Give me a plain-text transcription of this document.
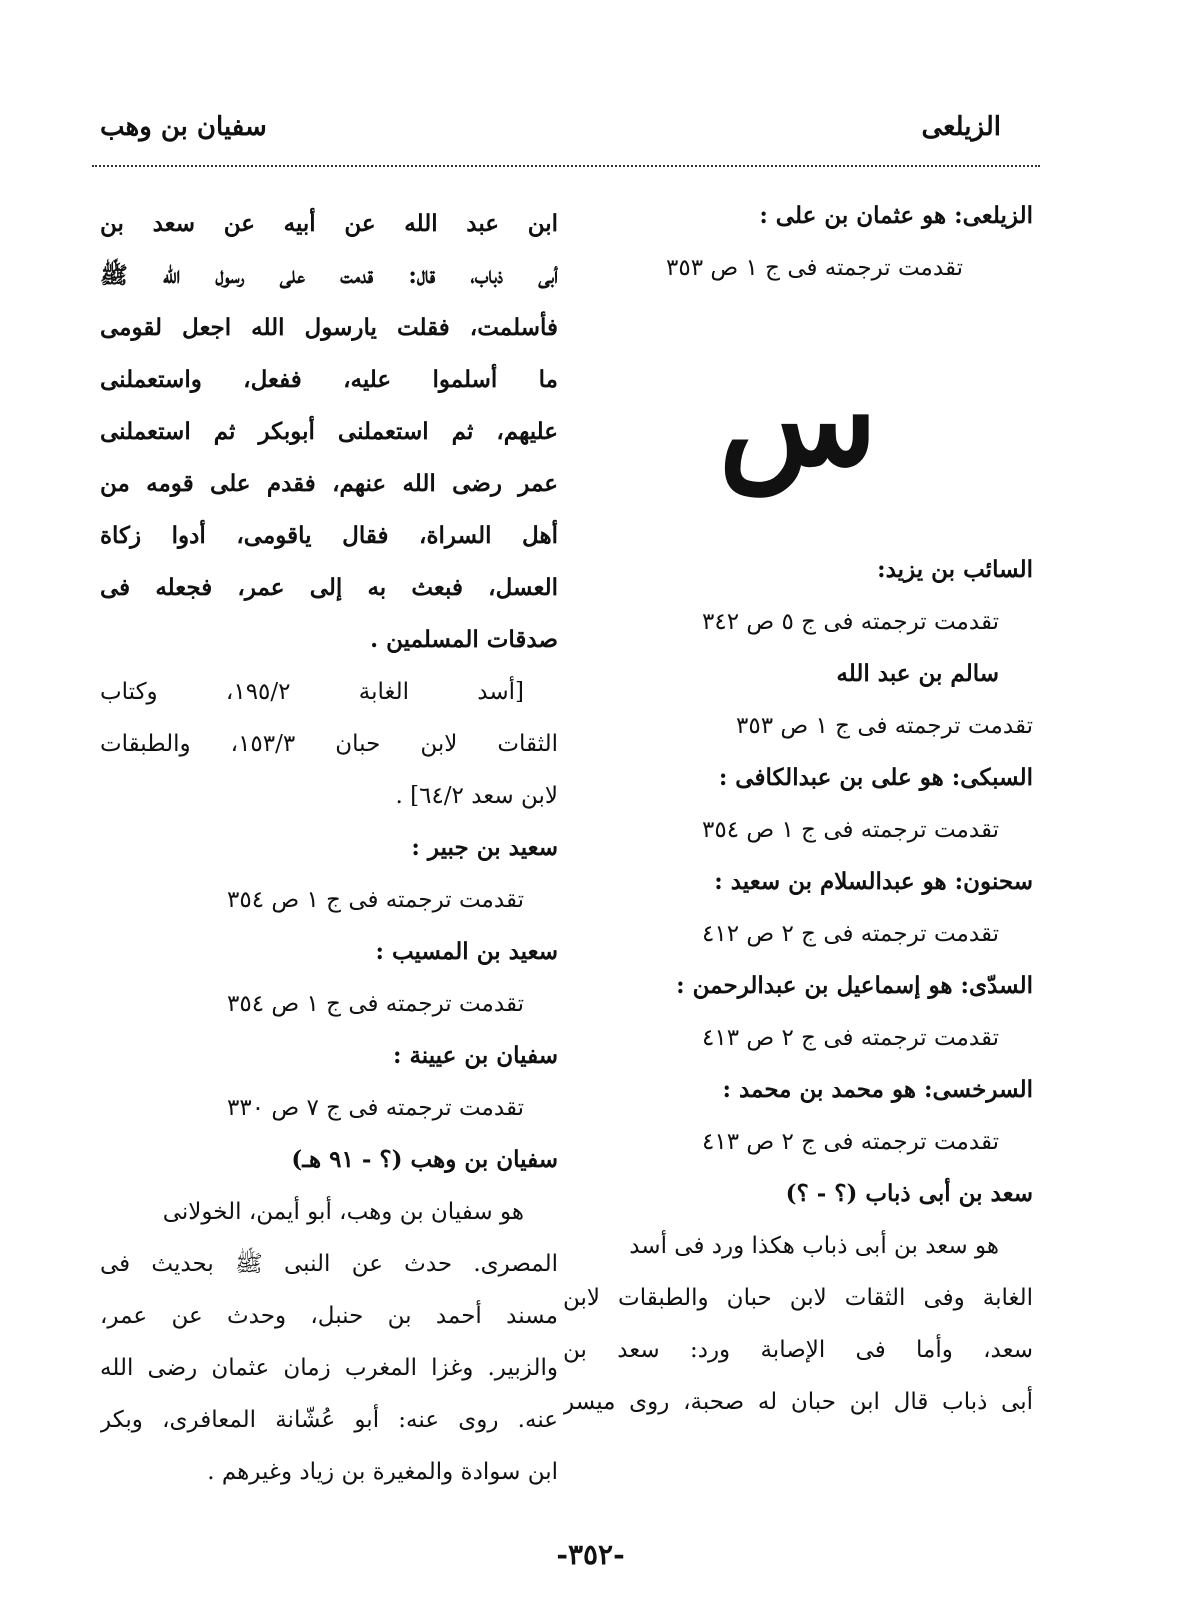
الزيلعى
سفيان بن وهب
الزيلعى: هو عثمان بن على :
تقدمت ترجمته فى ج ١ ص ٣٥٣
س
السائب بن يزيد:
تقدمت ترجمته فى ج ٥ ص ٣٤٢
سالم بن عبد الله
تقدمت ترجمته فى ج ١ ص ٣٥٣
السبكى: هو على بن عبدالكافى :
تقدمت ترجمته فى ج ١ ص ٣٥٤
سحنون: هو عبدالسلام بن سعيد :
تقدمت ترجمته فى ج ٢ ص ٤١٢
السدّى: هو إسماعيل بن عبدالرحمن :
تقدمت ترجمته فى ج ٢ ص ٤١٣
السرخسى: هو محمد بن محمد :
تقدمت ترجمته فى ج ٢ ص ٤١٣
سعد بن أبى ذباب (؟ - ؟)
هو سعد بن أبى ذباب هكذا ورد فى أسد
الغابة وفى الثقات لابن حبان والطبقات لابن
سعد، وأما فى الإصابة ورد: سعد بن
أبى ذباب قال ابن حبان له صحبة، روى ميسر
ابن عبد الله عن أبيه عن سعد بن
أبى ذباب، قال: قدمت على رسول الله ﷺ
فأسلمت، فقلت يارسول الله اجعل لقومى
ما أسلموا عليه، ففعل، واستعملنى
عليهم، ثم استعملنى أبوبكر ثم استعملنى
عمر رضى الله عنهم، فقدم على قومه من
أهل السراة، فقال ياقومى، أدوا زكاة
العسل، فبعث به إلى عمر، فجعله فى
صدقات المسلمين .
[أسد الغابة ١٩٥/٢، وكتاب
الثقات لابن حبان ١٥٣/٣، والطبقات
لابن سعد ٦٤/٢] .
سعيد بن جبير :
تقدمت ترجمته فى ج ١ ص ٣٥٤
سعيد بن المسيب :
تقدمت ترجمته فى ج ١ ص ٣٥٤
سفيان بن عيينة :
تقدمت ترجمته فى ج ٧ ص ٣٣٠
سفيان بن وهب (؟ - ٩١ هـ)
هو سفيان بن وهب، أبو أيمن، الخولانى
المصرى. حدث عن النبى ﷺ بحديث فى
مسند أحمد بن حنبل، وحدث عن عمر،
والزبير. وغزا المغرب زمان عثمان رضى الله
عنه. روى عنه: أبو عُشّانة المعافرى، وبكر
ابن سوادة والمغيرة بن زياد وغيرهم .
-٣٥٢-
